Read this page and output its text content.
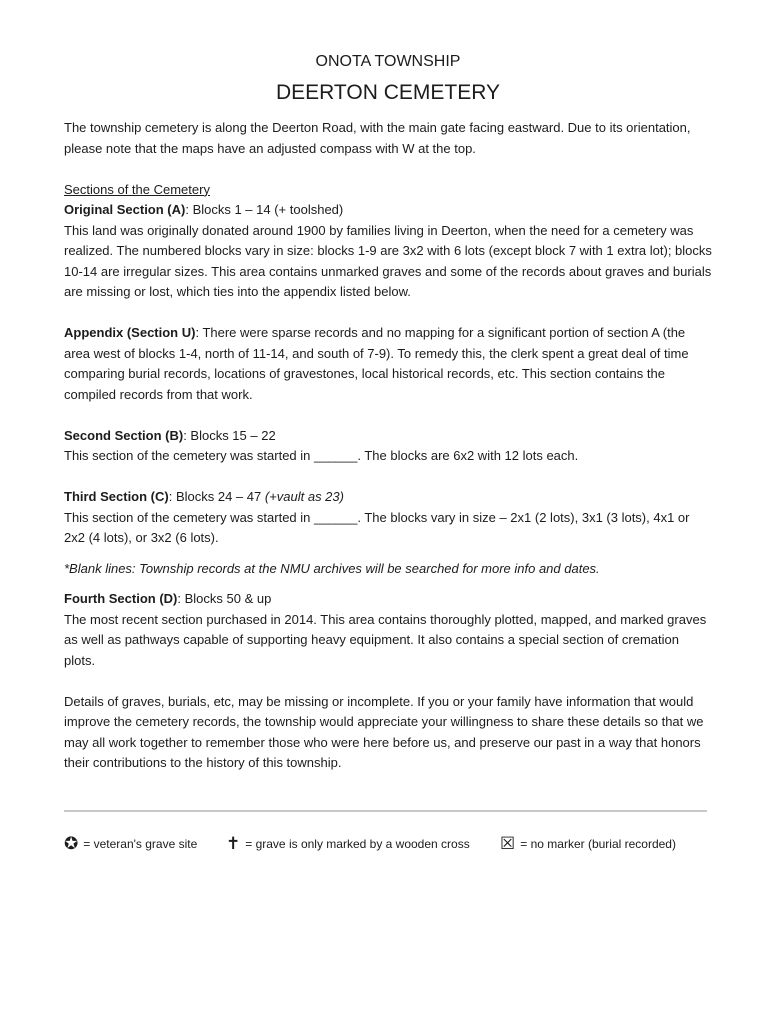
ONOTA TOWNSHIP
DEERTON CEMETERY

The township cemetery is along the Deerton Road, with the main gate facing eastward. Due to its orientation, please note that the maps have an adjusted compass with W at the top.

Sections of the Cemetery

Original Section (A): Blocks 1 – 14 (+ toolshed)

This land was originally donated around 1900 by families living in Deerton, when the need for a cemetery was realized. The numbered blocks vary in size: blocks 1-9 are 3x2 with 6 lots (except block 7 with 1 extra lot); blocks 10-14 are irregular sizes. This area contains unmarked graves and some of the records about graves and burials are missing or lost, which ties into the appendix listed below.

Appendix (Section U): There were sparse records and no mapping for a significant portion of section A (the area west of blocks 1-4, north of 11-14, and south of 7-9). To remedy this, the clerk spent a great deal of time comparing burial records, locations of gravestones, local historical records, etc. This section contains the compiled records from that work.

Second Section (B): Blocks 15 – 22

This section of the cemetery was started in ______. The blocks are 6x2 with 12 lots each.

Third Section (C): Blocks 24 – 47 (+vault as 23)

This section of the cemetery was started in ______. The blocks vary in size – 2x1 (2 lots), 3x1 (3 lots), 4x1 or 2x2 (4 lots), or 3x2 (6 lots).

*Blank lines: Township records at the NMU archives will be searched for more info and dates.

Fourth Section (D): Blocks 50 & up

The most recent section purchased in 2014. This area contains thoroughly plotted, mapped, and marked graves as well as pathways capable of supporting heavy equipment. It also contains a special section of cremation plots.

Details of graves, burials, etc, may be missing or incomplete. If you or your family have information that would improve the cemetery records, the township would appreciate your willingness to share these details so that we may all work together to remember those who were here before us, and preserve our past in a way that honors their contributions to the history of this township.

✪ = veteran's grave site ✝ = grave is only marked by a wooden cross ☒ = no marker (burial recorded)
